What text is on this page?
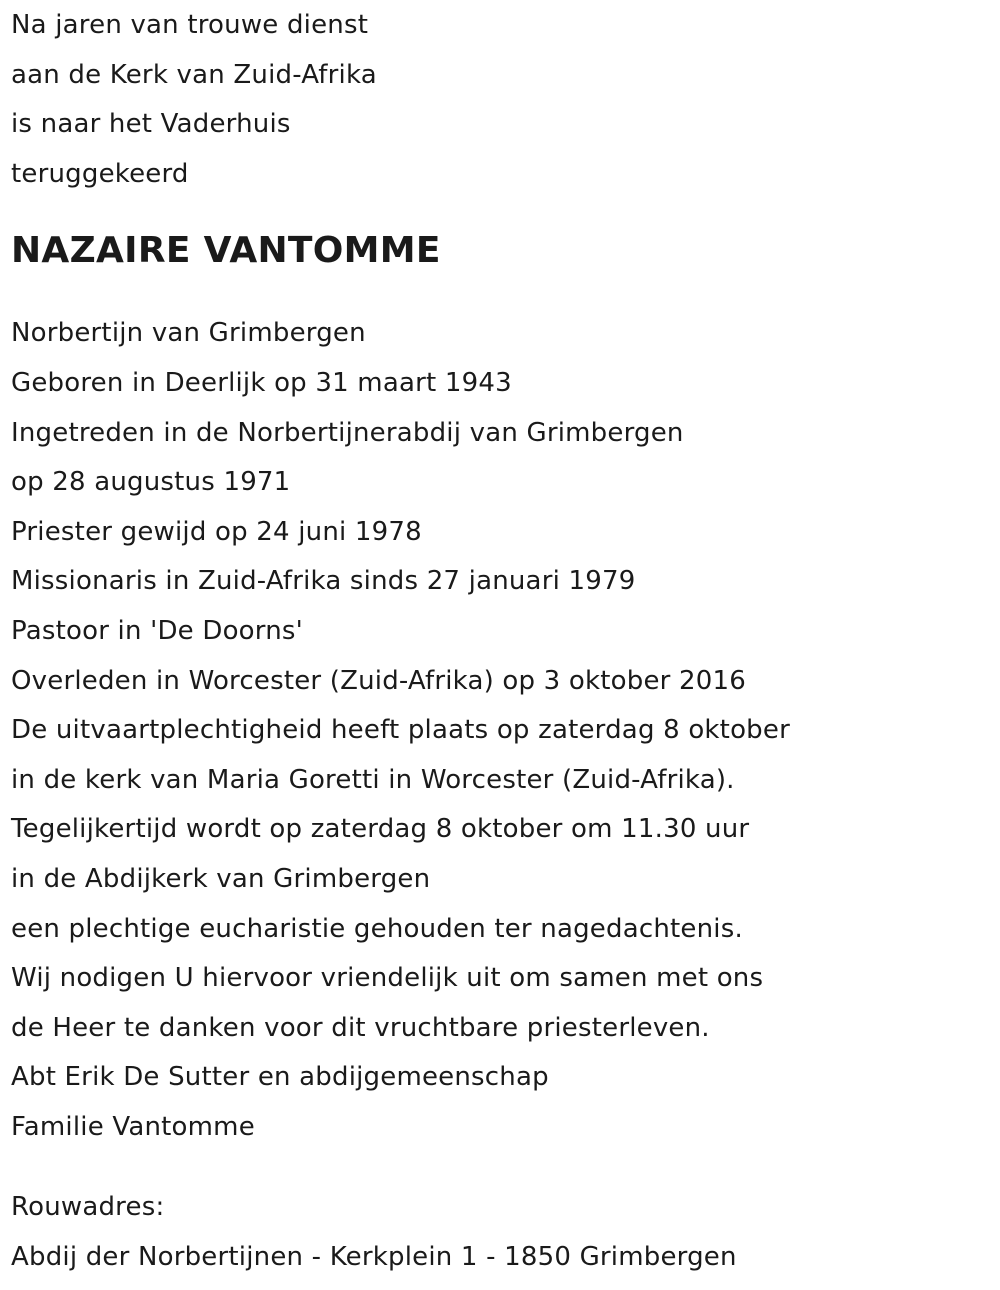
Na jaren van trouwe dienst
aan de Kerk van Zuid-Afrika
is naar het Vaderhuis
teruggekeerd
NAZAIRE VANTOMME
Norbertijn van Grimbergen
Geboren in Deerlijk op 31 maart 1943
Ingetreden in de Norbertijnerabdij van Grimbergen
op 28 augustus 1971
Priester gewijd op 24 juni 1978
Missionaris in Zuid-Afrika sinds 27 januari 1979
Pastoor in 'De Doorns'
Overleden in Worcester (Zuid-Afrika) op 3 oktober 2016
De uitvaartplechtigheid heeft plaats op zaterdag 8 oktober
in de kerk van Maria Goretti in Worcester (Zuid-Afrika).
Tegelijkertijd wordt op zaterdag 8 oktober om 11.30 uur
in de Abdijkerk van Grimbergen
een plechtige eucharistie gehouden ter nagedachtenis.
Wij nodigen U hiervoor vriendelijk uit om samen met ons
de Heer te danken voor dit vruchtbare priesterleven.
Abt Erik De Sutter en abdijgemeenschap
Familie Vantomme
Rouwadres:
Abdij der Norbertijnen - Kerkplein 1 - 1850 Grimbergen
